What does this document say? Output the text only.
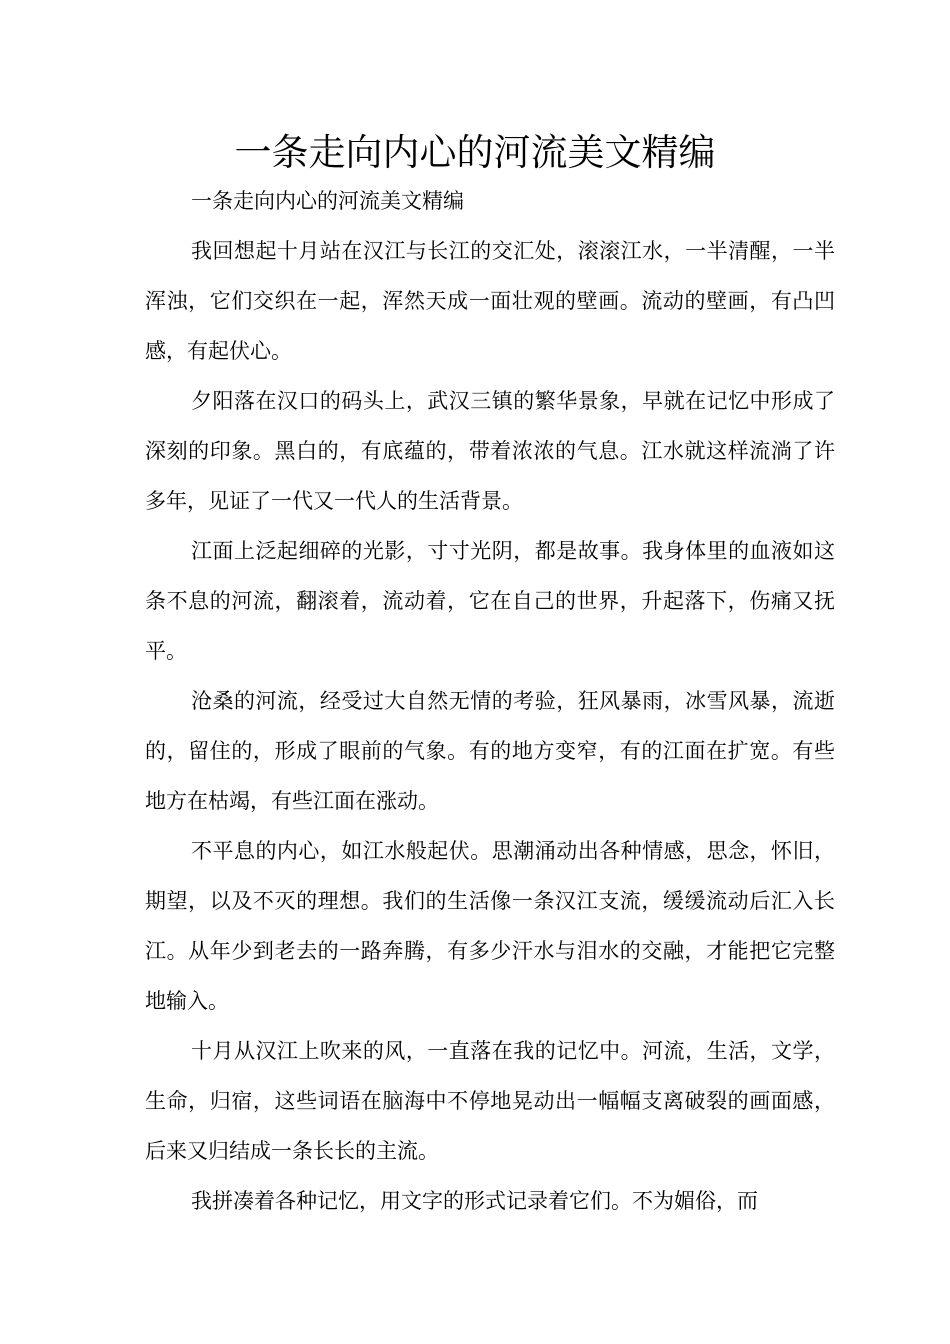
一条走向内心的河流美文精编

一条走向内心的河流美文精编

我回想起十月站在汉江与长江的交汇处，滚滚江水，一半清醒，一半浑浊，它们交织在一起，浑然天成一面壮观的壁画。流动的壁画，有凸凹感，有起伏心。

夕阳落在汉口的码头上，武汉三镇的繁华景象，早就在记忆中形成了深刻的印象。黑白的，有底蕴的，带着浓浓的气息。江水就这样流淌了许多年，见证了一代又一代人的生活背景。

江面上泛起细碎的光影，寸寸光阴，都是故事。我身体里的血液如这条不息的河流，翻滚着，流动着，它在自己的世界，升起落下，伤痛又抚平。

沧桑的河流，经受过大自然无情的考验，狂风暴雨，冰雪风暴，流逝的，留住的，形成了眼前的气象。有的地方变窄，有的江面在扩宽。有些地方在枯竭，有些江面在涨动。

不平息的内心，如江水般起伏。思潮涌动出各种情感，思念，怀旧，期望，以及不灭的理想。我们的生活像一条汉江支流，缓缓流动后汇入长江。从年少到老去的一路奔腾，有多少汗水与泪水的交融，才能把它完整地输入。

十月从汉江上吹来的风，一直落在我的记忆中。河流，生活，文学，生命，归宿，这些词语在脑海中不停地晃动出一幅幅支离破裂的画面感，后来又归结成一条长长的主流。

我拼凑着各种记忆，用文字的形式记录着它们。不为媚俗，而
